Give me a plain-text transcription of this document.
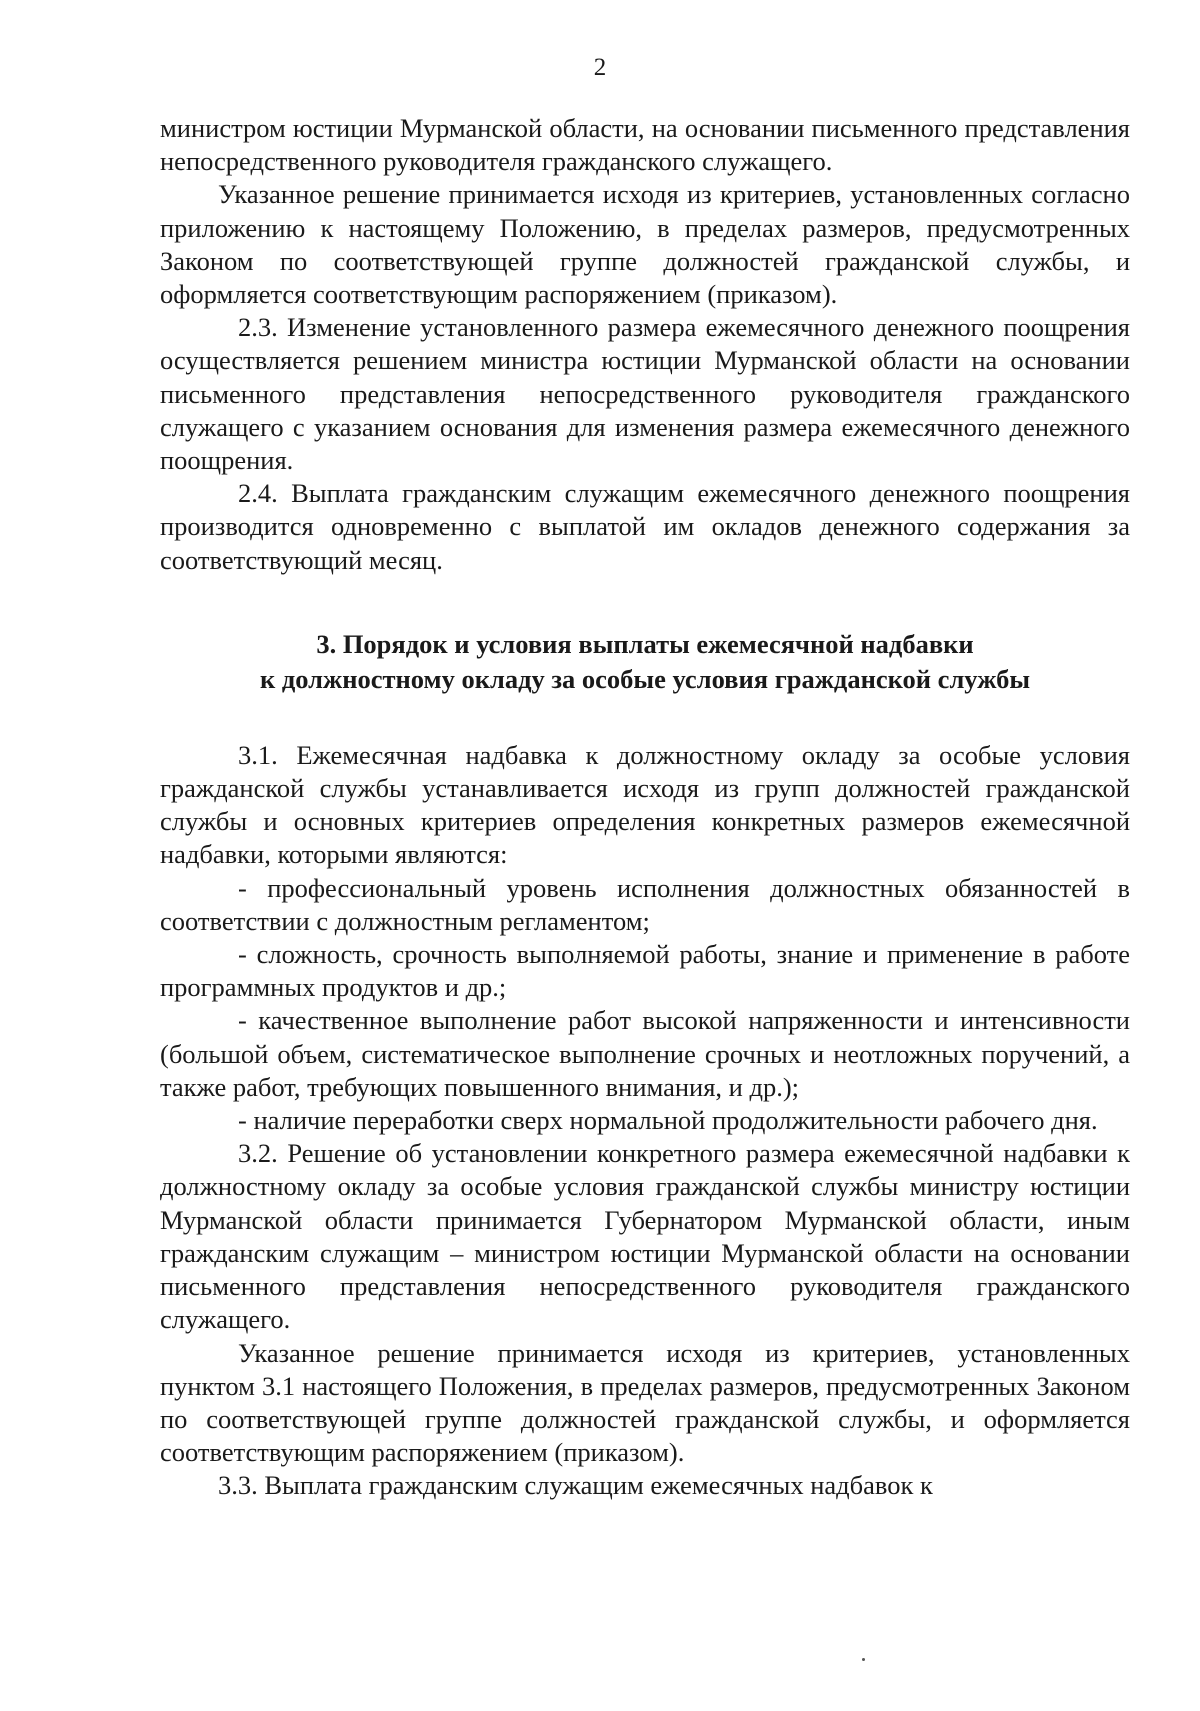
2

министром юстиции Мурманской области, на основании письменного представления непосредственного руководителя гражданского служащего.

Указанное решение принимается исходя из критериев, установленных согласно приложению к настоящему Положению, в пределах размеров, предусмотренных Законом по соответствующей группе должностей гражданской службы, и оформляется соответствующим распоряжением (приказом).

2.3. Изменение установленного размера ежемесячного денежного поощрения осуществляется решением министра юстиции Мурманской области на основании письменного представления непосредственного руководителя гражданского служащего с указанием основания для изменения размера ежемесячного денежного поощрения.

2.4. Выплата гражданским служащим ежемесячного денежного поощрения производится одновременно с выплатой им окладов денежного содержания за соответствующий месяц.

3. Порядок и условия выплаты ежемесячной надбавки
к должностному окладу за особые условия гражданской службы

3.1. Ежемесячная надбавка к должностному окладу за особые условия гражданской службы устанавливается исходя из групп должностей гражданской службы и основных критериев определения конкретных размеров ежемесячной надбавки, которыми являются:

- профессиональный уровень исполнения должностных обязанностей в соответствии с должностным регламентом;

- сложность, срочность выполняемой работы, знание и применение в работе программных продуктов и др.;

- качественное выполнение работ высокой напряженности и интенсивности (большой объем, систематическое выполнение срочных и неотложных поручений, а также работ, требующих повышенного внимания, и др.);

- наличие переработки сверх нормальной продолжительности рабочего дня.

3.2. Решение об установлении конкретного размера ежемесячной надбавки к должностному окладу за особые условия гражданской службы министру юстиции Мурманской области принимается Губернатором Мурманской области, иным гражданским служащим – министром юстиции Мурманской области на основании письменного представления непосредственного руководителя гражданского служащего.

Указанное решение принимается исходя из критериев, установленных пунктом 3.1 настоящего Положения, в пределах размеров, предусмотренных Законом по соответствующей группе должностей гражданской службы, и оформляется соответствующим распоряжением (приказом).

3.3. Выплата гражданским служащим ежемесячных надбавок к
